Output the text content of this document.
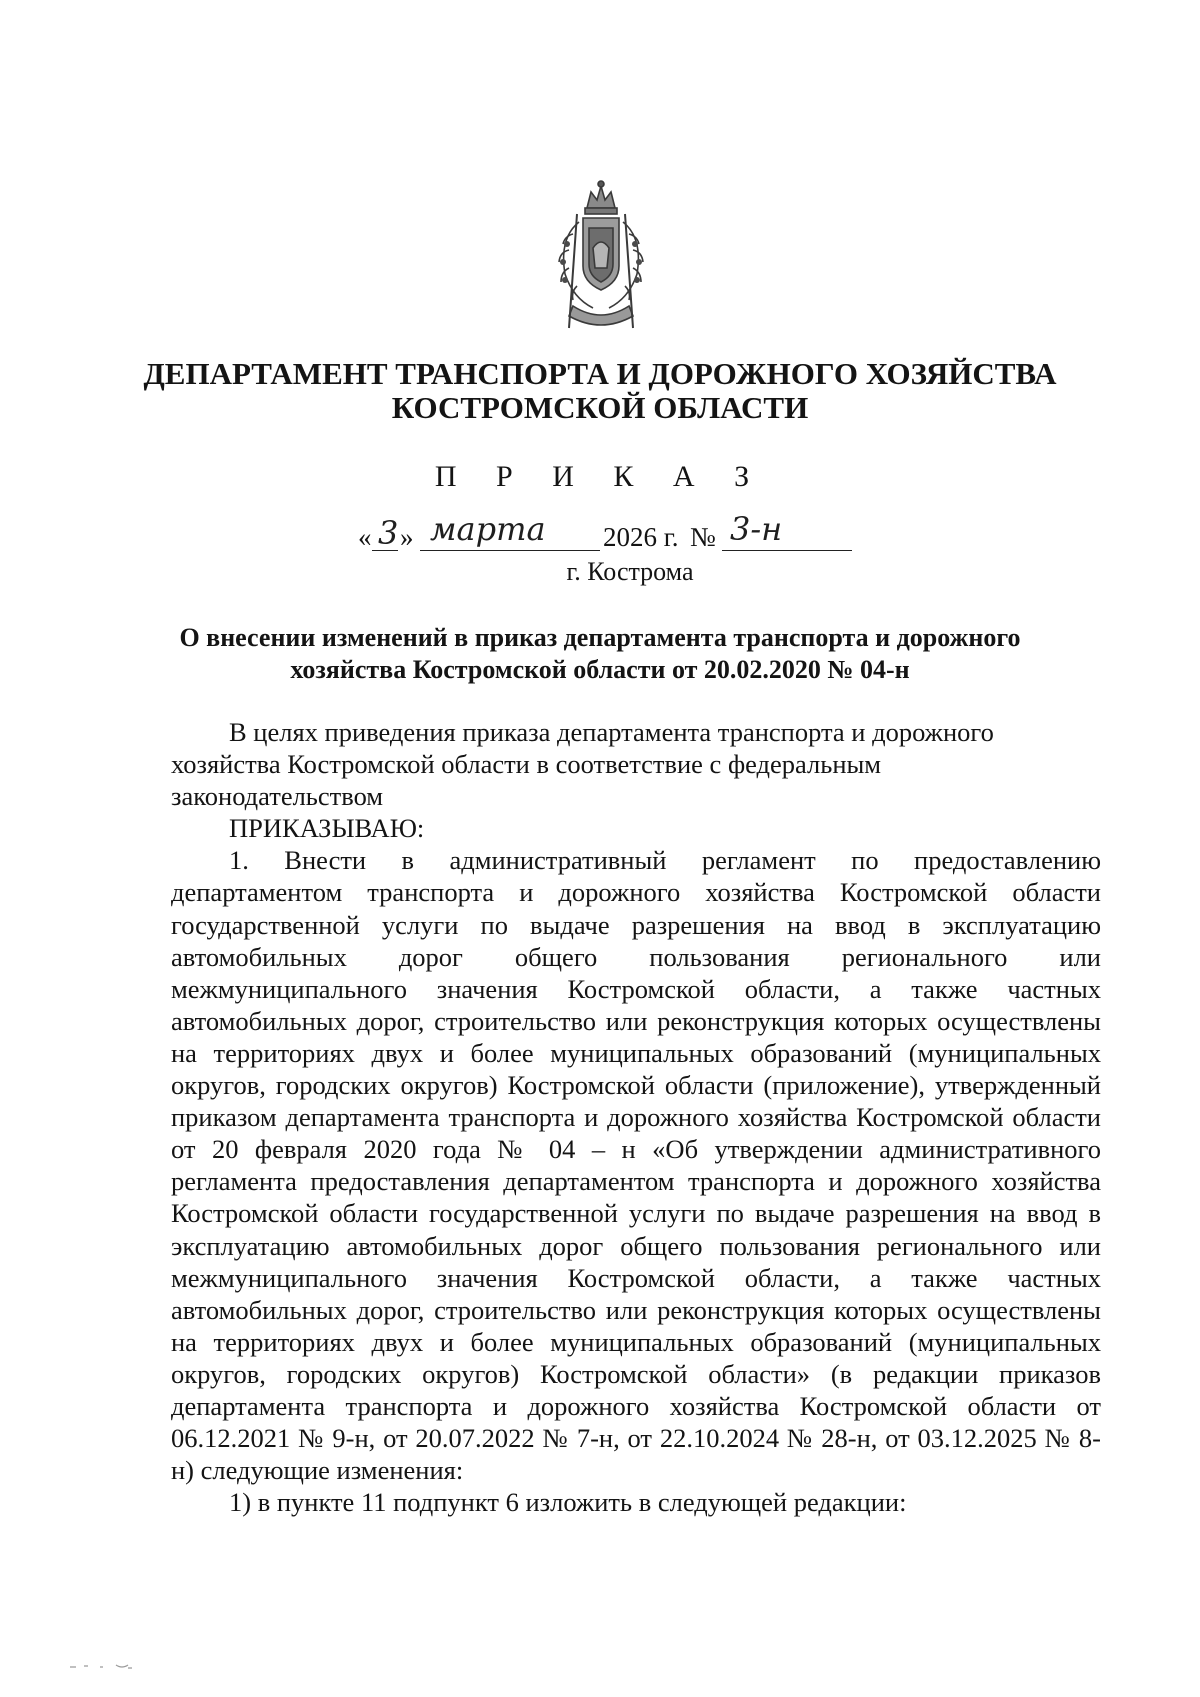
ДЕПАРТАМЕНТ ТРАНСПОРТА И ДОРОЖНОГО ХОЗЯЙСТВА
КОСТРОМСКОЙ ОБЛАСТИ
П Р И К А З
« 3 » марта 2026 г. № 3-н
г. Кострома
О внесении изменений в приказ департамента транспорта и дорожного
хозяйства Костромской области от 20.02.2020 № 04-н

В целях приведения приказа департамента транспорта и дорожного

хозяйства Костромской области в соответствие с федеральным

законодательством

ПРИКАЗЫВАЮ:

1. Внести в административный регламент по предоставлению департаментом транспорта и дорожного хозяйства Костромской области государственной услуги по выдаче разрешения на ввод в эксплуатацию автомобильных дорог общего пользования регионального или межмуниципального значения Костромской области, а также частных автомобильных дорог, строительство или реконструкция которых осуществлены на территориях двух и более муниципальных образований (муниципальных округов, городских округов) Костромской области (приложение), утвержденный приказом департамента транспорта и дорожного хозяйства Костромской области от 20 февраля 2020 года № 04 – н «Об утверждении административного регламента предоставления департаментом транспорта и дорожного хозяйства Костромской области государственной услуги по выдаче разрешения на ввод в эксплуатацию автомобильных дорог общего пользования регионального или межмуниципального значения Костромской области, а также частных автомобильных дорог, строительство или реконструкция которых осуществлены на территориях двух и более муниципальных образований (муниципальных округов, городских округов) Костромской области» (в редакции приказов департамента транспорта и дорожного хозяйства Костромской области от 06.12.2021 № 9-н, от 20.07.2022 № 7-н, от 22.10.2024 № 28-н, от 03.12.2025 № 8-н) следующие изменения:

1) в пункте 11 подпункт 6 изложить в следующей редакции:
